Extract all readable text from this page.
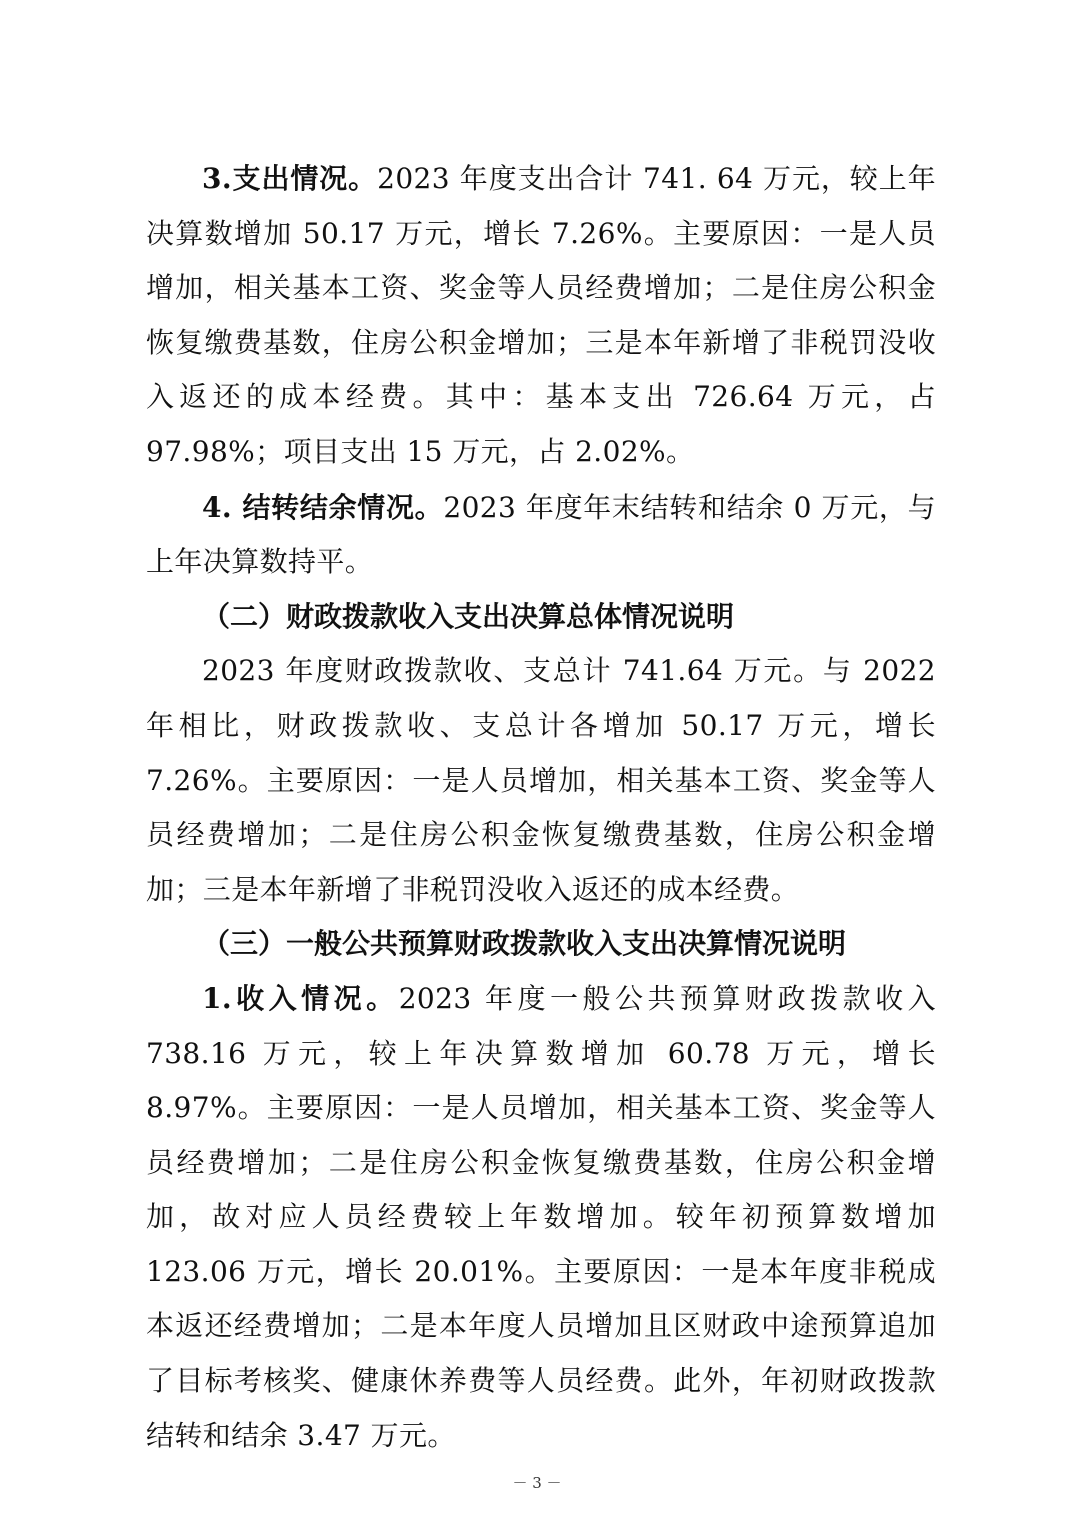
3.支出情况。2023 年度支出合计 741. 64 万元，较上年决算数增加 50.17 万元，增长 7.26%。主要原因：一是人员增加，相关基本工资、奖金等人员经费增加；二是住房公积金恢复缴费基数，住房公积金增加；三是本年新增了非税罚没收入返还的成本经费。其中：基本支出 726.64 万元，占 97.98%；项目支出 15 万元，占 2.02%。

4. 结转结余情况。2023 年度年末结转和结余 0 万元，与上年决算数持平。

（二）财政拨款收入支出决算总体情况说明

2023 年度财政拨款收、支总计 741.64 万元。与 2022 年相比，财政拨款收、支总计各增加 50.17 万元，增长 7.26%。主要原因：一是人员增加，相关基本工资、奖金等人员经费增加；二是住房公积金恢复缴费基数，住房公积金增加；三是本年新增了非税罚没收入返还的成本经费。

（三）一般公共预算财政拨款收入支出决算情况说明

1.收入情况。2023 年度一般公共预算财政拨款收入 738.16 万元，较上年决算数增加 60.78 万元，增长 8.97%。主要原因：一是人员增加，相关基本工资、奖金等人员经费增加；二是住房公积金恢复缴费基数，住房公积金增加，故对应人员经费较上年数增加。较年初预算数增加 123.06 万元，增长 20.01%。主要原因：一是本年度非税成本返还经费增加；二是本年度人员增加且区财政中途预算追加了目标考核奖、健康休养费等人员经费。此外，年初财政拨款结转和结余 3.47 万元。

－ 3 －
